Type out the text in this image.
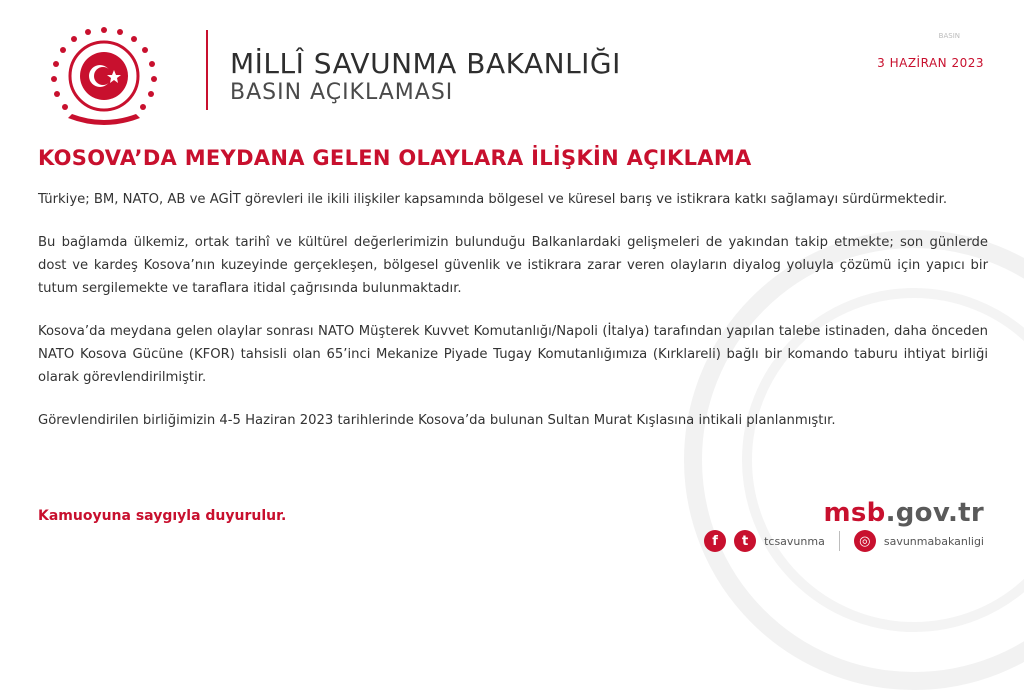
MİLLÎ SAVUNMA BAKANLIĞI
BASIN AÇIKLAMASI
BASIN
3 HAZİRAN 2023
KOSOVA’DA MEYDANA GELEN OLAYLARA İLİŞKİN AÇIKLAMA

Türkiye; BM, NATO, AB ve AGİT görevleri ile ikili ilişkiler kapsamında bölgesel ve küresel barış ve istikrara katkı sağlamayı sürdürmektedir.

Bu bağlamda ülkemiz, ortak tarihî ve kültürel değerlerimizin bulunduğu Balkanlardaki gelişmeleri de yakından takip etmekte; son günlerde dost ve kardeş Kosova’nın kuzeyinde gerçekleşen, bölgesel güvenlik ve istikrara zarar veren olayların diyalog yoluyla çözümü için yapıcı bir tutum sergilemekte ve taraflara itidal çağrısında bulunmaktadır.

Kosova’da meydana gelen olaylar sonrası NATO Müşterek Kuvvet Komutanlığı/Napoli (İtalya) tarafından yapılan talebe istinaden, daha önceden NATO Kosova Gücüne (KFOR) tahsisli olan 65’inci Mekanize Piyade Tugay Komutanlığımıza (Kırklareli) bağlı bir komando taburu ihtiyat birliği olarak görevlendirilmiştir.

Görevlendirilen birliğimizin 4-5 Haziran 2023 tarihlerinde Kosova’da bulunan Sultan Murat Kışlasına intikali planlanmıştır.

Kamuoyuna saygıyla duyurulur.	msb.gov.tr
f	t	tcsavunma	◎	savunmabakanligi
